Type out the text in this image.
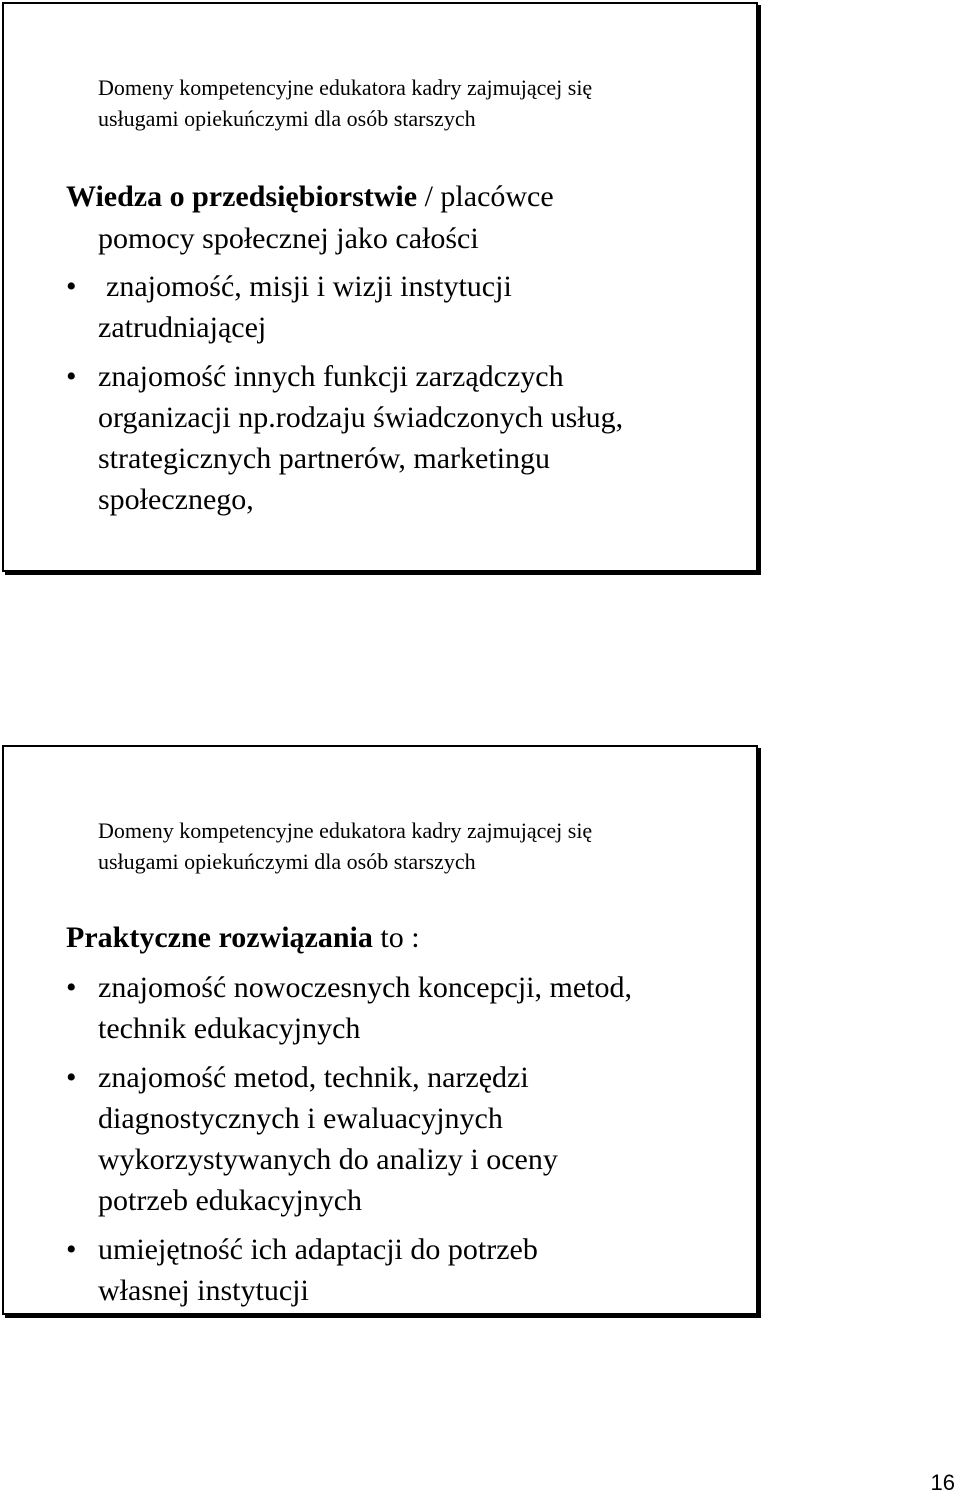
Domeny kompetencyjne edukatora kadry zajmującej się
usługami opiekuńczymi dla osób starszych
Wiedza o przedsiębiorstwie / placówce
pomocy społecznej jako całości
• znajomość, misji i wizji instytucji
zatrudniającej
• znajomość innych funkcji zarządczych
organizacji np.rodzaju świadczonych usług,
strategicznych partnerów, marketingu
społecznego,
Domeny kompetencyjne edukatora kadry zajmującej się
usługami opiekuńczymi dla osób starszych
Praktyczne rozwiązania to :
• znajomość nowoczesnych koncepcji, metod,
technik edukacyjnych
• znajomość metod, technik, narzędzi
diagnostycznych i ewaluacyjnych
wykorzystywanych do analizy i oceny
potrzeb edukacyjnych
• umiejętność ich adaptacji do potrzeb
własnej instytucji
16
